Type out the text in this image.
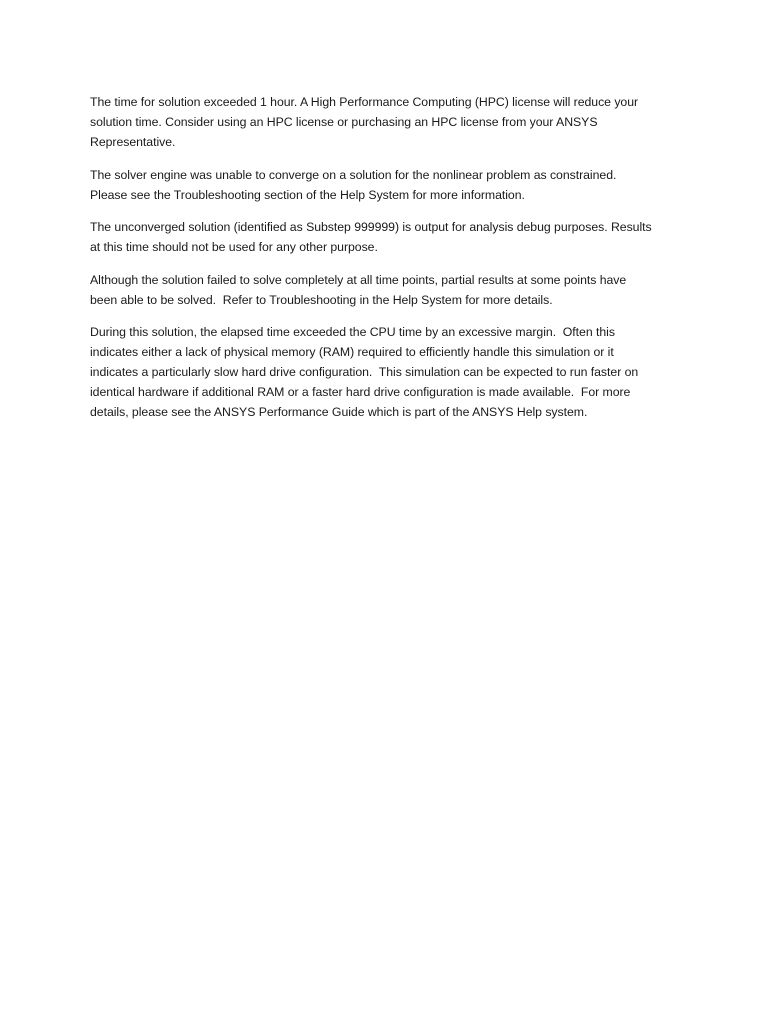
The time for solution exceeded 1 hour. A High Performance Computing (HPC) license will reduce your
solution time. Consider using an HPC license or purchasing an HPC license from your ANSYS
Representative.

The solver engine was unable to converge on a solution for the nonlinear problem as constrained.
Please see the Troubleshooting section of the Help System for more information.

The unconverged solution (identified as Substep 999999) is output for analysis debug purposes. Results
at this time should not be used for any other purpose.

Although the solution failed to solve completely at all time points, partial results at some points have
been able to be solved.  Refer to Troubleshooting in the Help System for more details.

During this solution, the elapsed time exceeded the CPU time by an excessive margin.  Often this
indicates either a lack of physical memory (RAM) required to efficiently handle this simulation or it
indicates a particularly slow hard drive configuration.  This simulation can be expected to run faster on
identical hardware if additional RAM or a faster hard drive configuration is made available.  For more
details, please see the ANSYS Performance Guide which is part of the ANSYS Help system.
